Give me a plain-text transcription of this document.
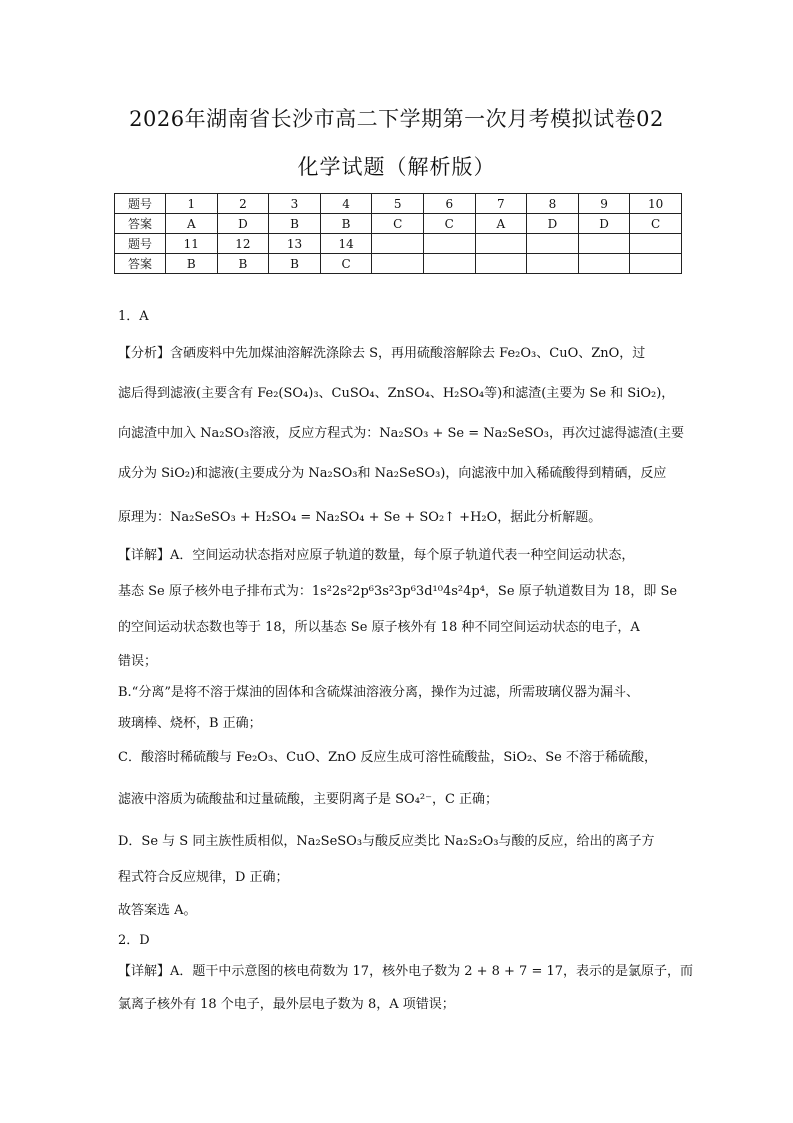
2026年湖南省长沙市高二下学期第一次月考模拟试卷02
化学试题（解析版）
题号	1	2	3	4	5	6	7	8	9	10
答案	A	D	B	B	C	C	A	D	D	C
题号	11	12	13	14						
答案	B	B	B	C						
1．A
【分析】含硒废料中先加煤油溶解洗涤除去 S，再用硫酸溶解除去 Fe₂O₃、CuO、ZnO，过
滤后得到滤液(主要含有 Fe₂(SO₄)₃、CuSO₄、ZnSO₄、H₂SO₄等)和滤渣(主要为 Se 和 SiO₂)，
向滤渣中加入 Na₂SO₃溶液，反应方程式为：Na₂SO₃ + Se = Na₂SeSO₃，再次过滤得滤渣(主要
成分为 SiO₂)和滤液(主要成分为 Na₂SO₃和 Na₂SeSO₃)，向滤液中加入稀硫酸得到精硒，反应
原理为：Na₂SeSO₃ + H₂SO₄ = Na₂SO₄ + Se + SO₂↑ +H₂O，据此分析解题。
【详解】A．空间运动状态指对应原子轨道的数量，每个原子轨道代表一种空间运动状态，
基态 Se 原子核外电子排布式为：1s²2s²2p⁶3s²3p⁶3d¹⁰4s²4p⁴，Se 原子轨道数目为 18，即 Se
的空间运动状态数也等于 18，所以基态 Se 原子核外有 18 种不同空间运动状态的电子，A
错误；
B.“分离”是将不溶于煤油的固体和含硫煤油溶液分离，操作为过滤，所需玻璃仪器为漏斗、
玻璃棒、烧杯，B 正确；
C．酸溶时稀硫酸与 Fe₂O₃、CuO、ZnO 反应生成可溶性硫酸盐，SiO₂、Se 不溶于稀硫酸，
滤液中溶质为硫酸盐和过量硫酸，主要阴离子是 SO₄²⁻，C 正确；
D．Se 与 S 同主族性质相似，Na₂SeSO₃与酸反应类比 Na₂S₂O₃与酸的反应，给出的离子方
程式符合反应规律，D 正确；
故答案选 A。
2．D
【详解】A．题干中示意图的核电荷数为 17，核外电子数为 2 + 8 + 7 = 17，表示的是氯原子，而
氯离子核外有 18 个电子，最外层电子数为 8，A 项错误；
